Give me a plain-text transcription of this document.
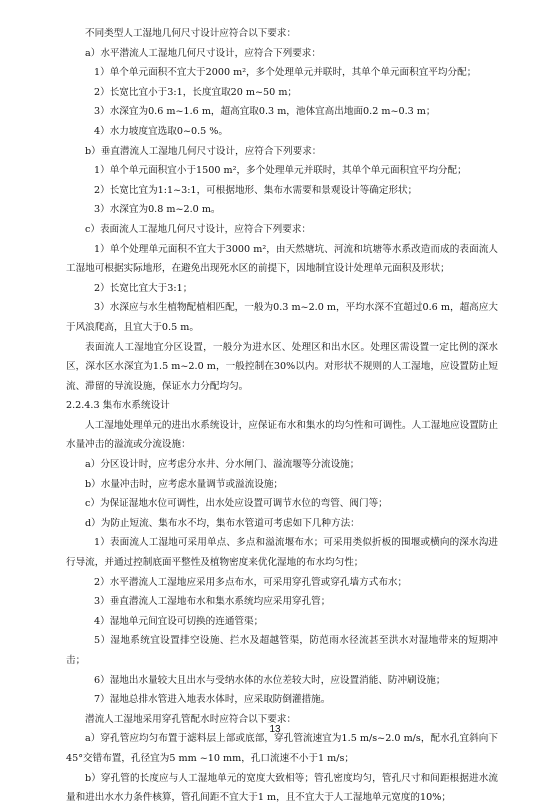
不同类型人工湿地几何尺寸设计应符合以下要求：

a）水平潜流人工湿地几何尺寸设计，应符合下列要求：

1）单个单元面积不宜大于2000 m²，多个处理单元并联时，其单个单元面积宜平均分配；

2）长宽比宜小于3:1，长度宜取20 m~50 m；

3）水深宜为0.6 m~1.6 m，超高宜取0.3 m，池体宜高出地面0.2 m~0.3 m；

4）水力坡度宜选取0~0.5 %。

b）垂直潜流人工湿地几何尺寸设计，应符合下列要求：

1）单个单元面积宜小于1500 m²，多个处理单元并联时，其单个单元面积宜平均分配；

2）长宽比宜为1:1~3:1，可根据地形、集布水需要和景观设计等确定形状；

3）水深宜为0.8 m~2.0 m。

c）表面流人工湿地几何尺寸设计，应符合下列要求：

1）单个处理单元面积不宜大于3000 m²，由天然塘坑、河流和坑塘等水系改造而成的表面流人工湿地可根据实际地形，在避免出现死水区的前提下，因地制宜设计处理单元面积及形状；

2）长宽比宜大于3:1；

3）水深应与水生植物配植相匹配，一般为0.3 m~2.0 m，平均水深不宜超过0.6 m，超高应大于风浪爬高，且宜大于0.5 m。

表面流人工湿地宜分区设置，一般分为进水区、处理区和出水区。处理区需设置一定比例的深水区，深水区水深宜为1.5 m~2.0 m，一般控制在30%以内。对形状不规则的人工湿地，应设置防止短流、滞留的导流设施，保证水力分配均匀。

2.2.4.3 集布水系统设计

人工湿地处理单元的进出水系统设计，应保证布水和集水的均匀性和可调性。人工湿地应设置防止水量冲击的溢流或分流设施：

a）分区设计时，应考虑分水井、分水闸门、溢流堰等分流设施；

b）水量冲击时，应考虑水量调节或溢流设施；

c）为保证湿地水位可调性，出水处应设置可调节水位的弯管、阀门等；

d）为防止短流、集布水不均，集布水管道可考虑如下几种方法：

1）表面流人工湿地可采用单点、多点和溢流堰布水；可采用类似折板的围堰或横向的深水沟进行导流，并通过控制底面平整性及植物密度来优化湿地的布水均匀性；

2）水平潜流人工湿地应采用多点布水，可采用穿孔管或穿孔墙方式布水；

3）垂直潜流人工湿地布水和集水系统均应采用穿孔管；

4）湿地单元间宜设可切换的连通管渠；

5）湿地系统宜设置排空设施、拦水及超越管渠，防范雨水径流甚至洪水对湿地带来的短期冲击；

6）湿地出水量较大且出水与受纳水体的水位差较大时，应设置消能、防冲刷设施；

7）湿地总排水管进入地表水体时，应采取防倒灌措施。

潜流人工湿地采用穿孔管配水时应符合以下要求：

a）穿孔管应均匀布置于滤料层上部或底部，穿孔管流速宜为1.5 m/s~2.0 m/s，配水孔宜斜向下45°交错布置，孔径宜为5 mm ~10 mm，孔口流速不小于1 m/s；

b）穿孔管的长度应与人工湿地单元的宽度大致相等；管孔密度均匀，管孔尺寸和间距根据进水流量和进出水水力条件核算，管孔间距不宜大于1 m，且不宜大于人工湿地单元宽度的10%；

13
